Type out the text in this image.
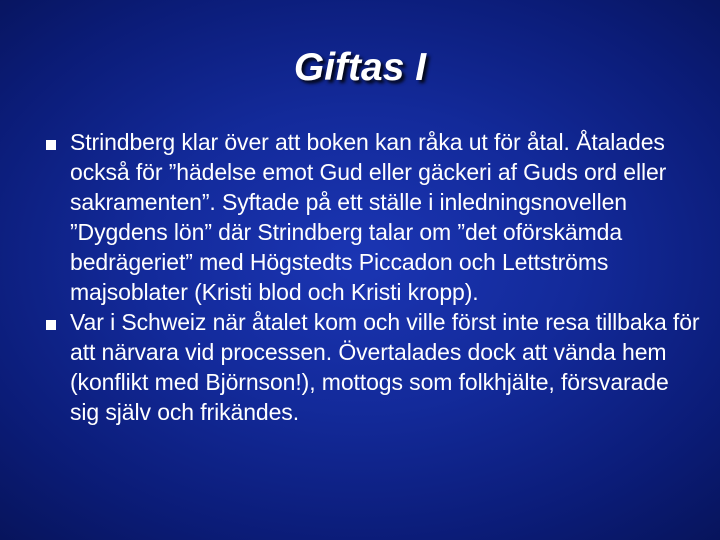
Giftas I
Strindberg klar över att boken kan råka ut för åtal. Åtalades också för ”hädelse emot Gud eller gäckeri af Guds ord eller sakramenten”. Syftade på ett ställe i inledningsnovellen ”Dygdens lön” där Strindberg talar om ”det oförskämda bedrägeriet” med Högstedts Piccadon och Lettströms majsoblater (Kristi blod och Kristi kropp).
Var i Schweiz när åtalet kom och ville först inte resa tillbaka för att närvara vid processen. Övertalades dock att vända hem (konflikt med Björnson!), mottogs som folkhjälte, försvarade sig själv och frikändes.
